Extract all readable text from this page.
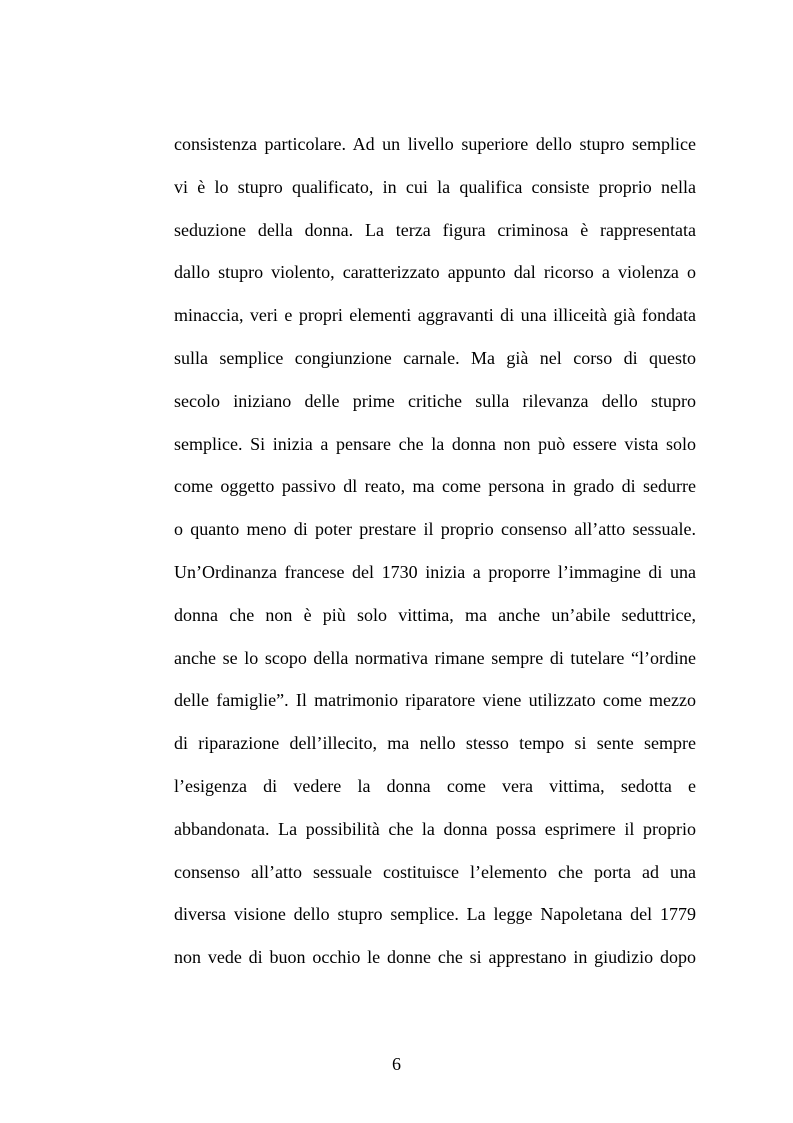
consistenza particolare. Ad un livello superiore dello stupro semplice
vi è lo stupro qualificato, in cui la qualifica consiste proprio nella
seduzione della donna. La terza figura criminosa è rappresentata
dallo stupro violento, caratterizzato appunto dal ricorso a violenza o
minaccia, veri e propri elementi aggravanti di una illiceità già fondata
sulla semplice congiunzione carnale. Ma già nel corso di questo
secolo iniziano delle prime critiche sulla rilevanza dello stupro
semplice. Si inizia a pensare che la donna non può essere vista solo
come oggetto passivo dl reato, ma come persona in grado di sedurre
o quanto meno di poter prestare il proprio consenso all’atto sessuale.
Un’Ordinanza francese del 1730 inizia a proporre l’immagine di una
donna che non è più solo vittima, ma anche un’abile seduttrice,
anche se lo scopo della normativa rimane sempre di tutelare “l’ordine
delle famiglie”. Il matrimonio riparatore viene utilizzato come mezzo
di riparazione dell’illecito, ma nello stesso tempo si sente sempre
l’esigenza di vedere la donna come vera vittima, sedotta e
abbandonata. La possibilità che la donna possa esprimere il proprio
consenso all’atto sessuale costituisce l’elemento che porta ad una
diversa visione dello stupro semplice. La legge Napoletana del 1779
non vede di buon occhio le donne che si apprestano in giudizio dopo
6
